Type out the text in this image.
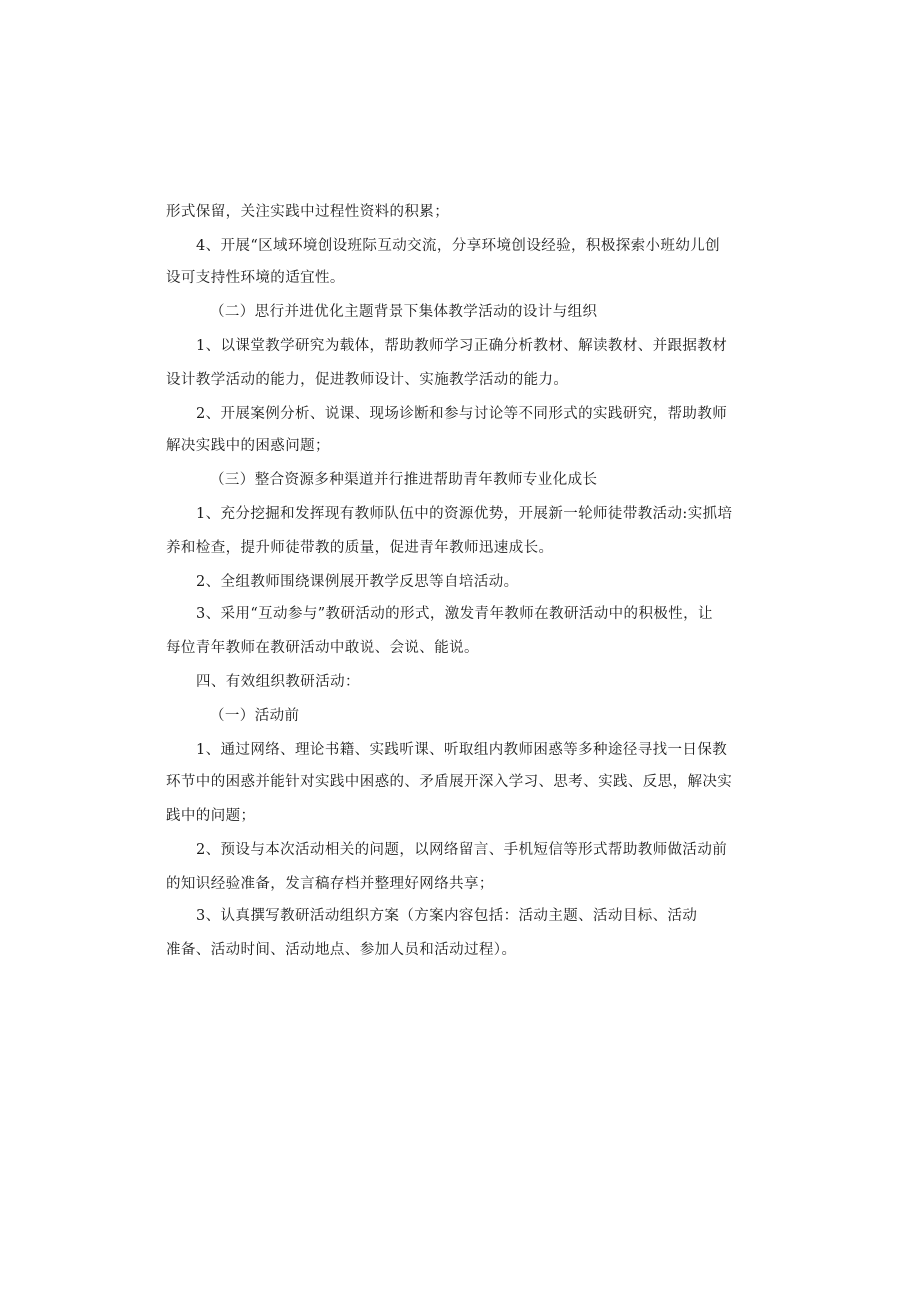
形式保留，关注实践中过程性资料的积累；

4、开展“区域环境创设班际互动交流，分享环境创设经验，积极探索小班幼儿创

设可支持性环境的适宜性。

（二）思行并进优化主题背景下集体教学活动的设计与组织

1、以课堂教学研究为载体，帮助教师学习正确分析教材、解读教材、并跟据教材

设计教学活动的能力，促进教师设计、实施教学活动的能力。

2、开展案例分析、说课、现场诊断和参与讨论等不同形式的实践研究，帮助教师

解决实践中的困惑问题；

（三）整合资源多种渠道并行推进帮助青年教师专业化成长

1、充分挖掘和发挥现有教师队伍中的资源优势，开展新一轮师徒带教活动:实抓培

养和检查，提升师徒带教的质量，促进青年教师迅速成长。

2、全组教师围绕课例展开教学反思等自培活动。

3、采用“互动参与”教研活动的形式，激发青年教师在教研活动中的积极性，让

每位青年教师在教研活动中敢说、会说、能说。

四、有效组织教研活动：

（一）活动前

1、通过网络、理论书籍、实践听课、听取组内教师困惑等多种途径寻找一日保教

环节中的困惑并能针对实践中困惑的、矛盾展开深入学习、思考、实践、反思，解决实

践中的问题；

2、预设与本次活动相关的问题，以网络留言、手机短信等形式帮助教师做活动前

的知识经验准备，发言稿存档并整理好网络共享；

3、认真撰写教研活动组织方案（方案内容包括：活动主题、活动目标、活动

准备、活动时间、活动地点、参加人员和活动过程）。
